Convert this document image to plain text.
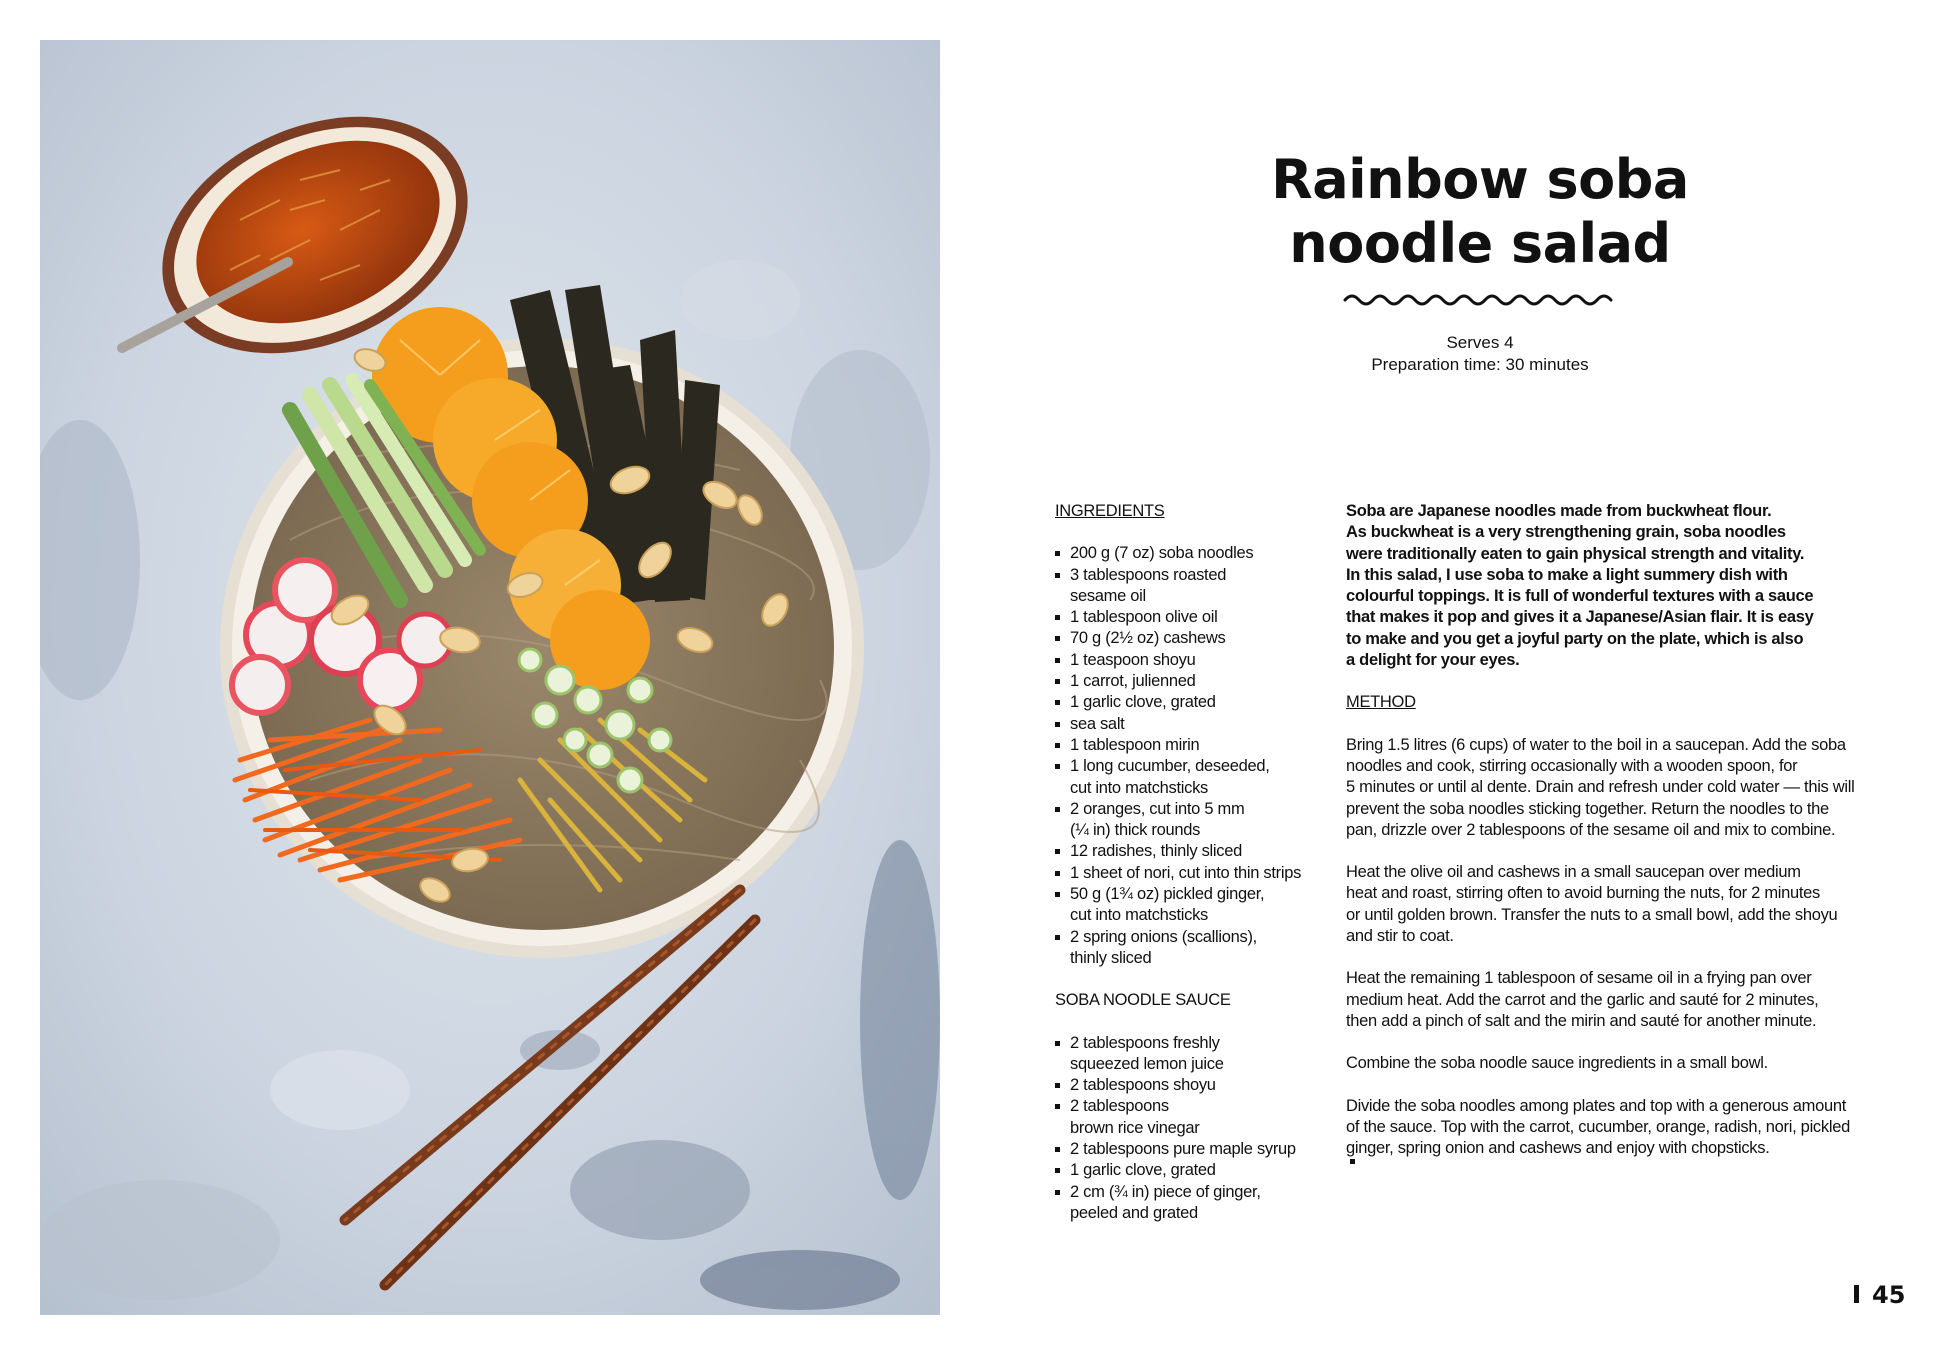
Rainbow soba
noodle salad
Serves 4
Preparation time: 30 minutes
INGREDIENTS
200 g (7 oz) soba noodles
3 tablespoons roasted
sesame oil
1 tablespoon olive oil
70 g (2½ oz) cashews
1 teaspoon shoyu
1 carrot, julienned
1 garlic clove, grated
sea salt
1 tablespoon mirin
1 long cucumber, deseeded,
cut into matchsticks
2 oranges, cut into 5 mm
(¼ in) thick rounds
12 radishes, thinly sliced
1 sheet of nori, cut into thin strips
50 g (1¾ oz) pickled ginger,
cut into matchsticks
2 spring onions (scallions),
thinly sliced
SOBA NOODLE SAUCE
2 tablespoons freshly
squeezed lemon juice
2 tablespoons shoyu
2 tablespoons
brown rice vinegar
2 tablespoons pure maple syrup
1 garlic clove, grated
2 cm (¾ in) piece of ginger,
peeled and grated

Soba are Japanese noodles made from buckwheat flour.
As buckwheat is a very strengthening grain, soba noodles
were traditionally eaten to gain physical strength and vitality.
In this salad, I use soba to make a light summery dish with
colourful toppings. It is full of wonderful textures with a sauce
that makes it pop and gives it a Japanese/Asian flair. It is easy
to make and you get a joyful party on the plate, which is also
a delight for your eyes.

METHOD

Bring 1.5 litres (6 cups) of water to the boil in a saucepan. Add the soba
noodles and cook, stirring occasionally with a wooden spoon, for
5 minutes or until al dente. Drain and refresh under cold water — this will
prevent the soba noodles sticking together. Return the noodles to the
pan, drizzle over 2 tablespoons of the sesame oil and mix to combine.

Heat the olive oil and cashews in a small saucepan over medium
heat and roast, stirring often to avoid burning the nuts, for 2 minutes
or until golden brown. Transfer the nuts to a small bowl, add the shoyu
and stir to coat.

Heat the remaining 1 tablespoon of sesame oil in a frying pan over
medium heat. Add the carrot and the garlic and sauté for 2 minutes,
then add a pinch of salt and the mirin and sauté for another minute.

Combine the soba noodle sauce ingredients in a small bowl.

Divide the soba noodles among plates and top with a generous amount
of the sauce. Top with the carrot, cucumber, orange, radish, nori, pickled
ginger, spring onion and cashews and enjoy with chopsticks.

45
